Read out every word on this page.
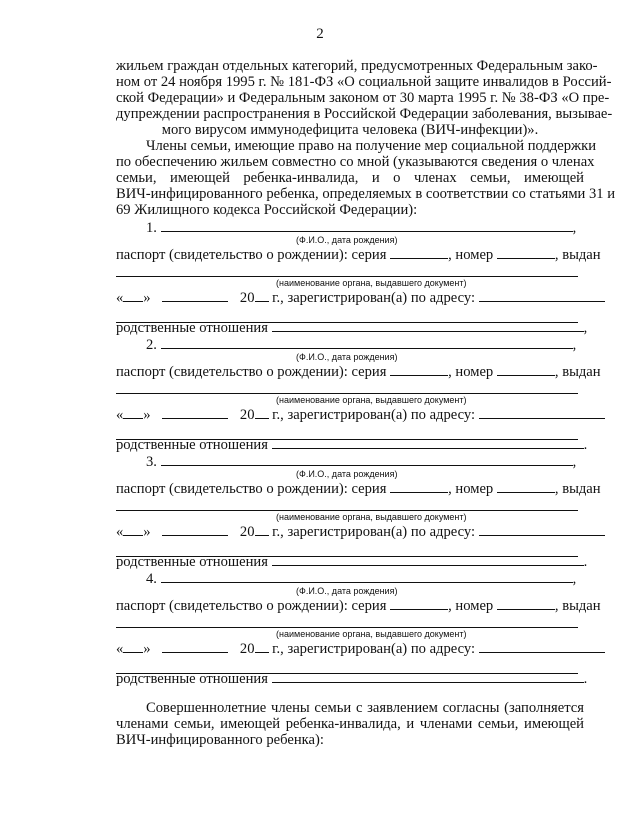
2
жильем граждан отдельных категорий, предусмотренных Федеральным зако-
ном от 24 ноября 1995 г. № 181-ФЗ «О социальной защите инвалидов в Россий-
ской Федерации» и Федеральным законом от 30 марта 1995 г. № 38-ФЗ «О пре-
дупреждении распространения в Российской Федерации заболевания, вызывае-
мого вирусом иммунодефицита человека (ВИЧ-инфекции)».
Члены семьи, имеющие право на получение мер социальной поддержки
по обеспечению жильем совместно со мной (указываются сведения о членах
семьи, имеющей ребенка-инвалида, и о членах семьи, имеющей
ВИЧ-инфицированного ребенка, определяемых в соответствии со статьями 31 и
69 Жилищного кодекса Российской Федерации):
1.	,
(Ф.И.О., дата рождения)
паспорт (свидетельство о рождении): серия	, номер	, выдан
(наименование органа, выдавшего документ)
« »	20 г., зарегистрирован(а) по адресу:
родственные отношения	,
2.	,
(Ф.И.О., дата рождения)
паспорт (свидетельство о рождении): серия	, номер	, выдан
(наименование органа, выдавшего документ)
« »	20 г., зарегистрирован(а) по адресу:
родственные отношения	.
3.	,
(Ф.И.О., дата рождения)
паспорт (свидетельство о рождении): серия	, номер	, выдан
(наименование органа, выдавшего документ)
« »	20 г., зарегистрирован(а) по адресу:
родственные отношения	.
4.	,
(Ф.И.О., дата рождения)
паспорт (свидетельство о рождении): серия	, номер	, выдан
(наименование органа, выдавшего документ)
« »	20 г., зарегистрирован(а) по адресу:
родственные отношения	.
Совершеннолетние члены семьи с заявлением согласны (заполняется
членами семьи, имеющей ребенка-инвалида, и членами семьи, имеющей
ВИЧ-инфицированного ребенка):
